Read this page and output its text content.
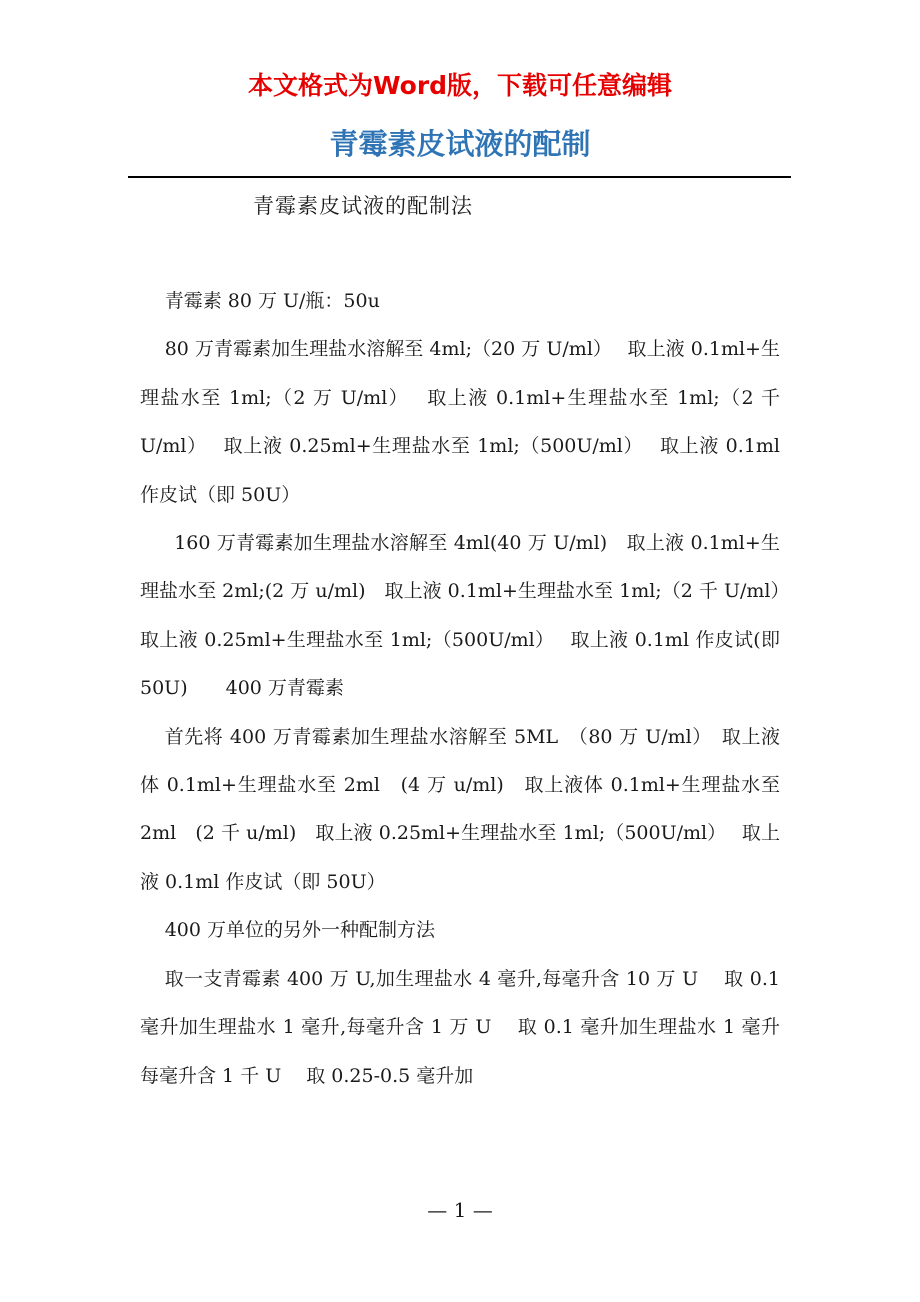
本文格式为Word版，下载可任意编辑
青霉素皮试液的配制
青霉素皮试液的配制法

青霉素 80 万 U/瓶：50u

80 万青霉素加生理盐水溶解至 4ml;（20 万 U/ml）　 取上液 0.1ml+生理盐水至 1ml;（2 万 U/ml）　 取上液 0.1ml+生理盐水至 1ml;（2 千 U/ml）　 取上液 0.25ml+生理盐水至 1ml;（500U/ml）　 取上液 0.1ml 作皮试（即 50U）

160 万青霉素加生理盐水溶解至 4ml(40 万 U/ml)　取上液 0.1ml+生理盐水至 2ml;(2 万 u/ml)　取上液 0.1ml+生理盐水至 1ml;（2 千 U/ml）　 取上液 0.25ml+生理盐水至 1ml;（500U/ml）　 取上液 0.1ml 作皮试(即 50U)　　400 万青霉素

首先将 400 万青霉素加生理盐水溶解至 5ML　（80 万 U/ml）　取上液体 0.1ml+生理盐水至 2ml　(4 万 u/ml)　取上液体 0.1ml+生理盐水至 2ml　(2 千 u/ml)　取上液 0.25ml+生理盐水至 1ml;（500U/ml）　 取上液 0.1ml 作皮试（即 50U）

400 万单位的另外一种配制方法

取一支青霉素 400 万 U,加生理盐水 4 毫升,每毫升含 10 万 U　 取 0.1 毫升加生理盐水 1 毫升,每毫升含 1 万 U　 取 0.1 毫升加生理盐水 1 毫升每毫升含 1 千 U　 取 0.25-0.5 毫升加

— 1 —
